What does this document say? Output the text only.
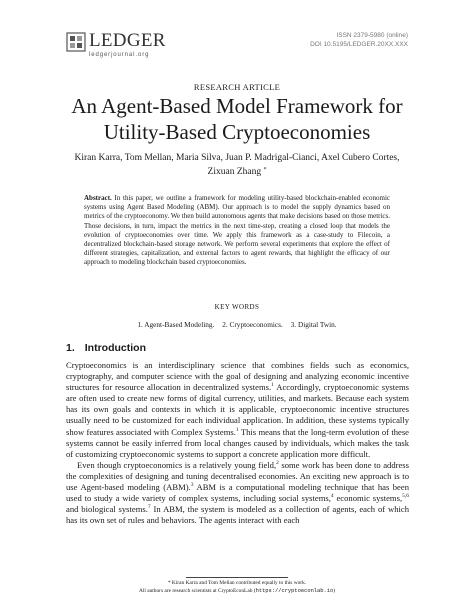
LEDGER
ledgerjournal.org
ISSN 2379-5980 (online)
DOI 10.5195/LEDGER.20XX.XXX
RESEARCH ARTICLE
An Agent-Based Model Framework for
Utility-Based Cryptoeconomies
Kiran Karra, Tom Mellan, Maria Silva, Juan P. Madrigal-Cianci, Axel Cubero Cortes,
Zixuan Zhang *
Abstract. In this paper, we outline a framework for modeling utility-based blockchain-enabled economic systems using Agent Based Modeling (ABM). Our approach is to model the supply dynamics based on metrics of the cryptoeconomy. We then build autonomous agents that make decisions based on those metrics. Those decisions, in turn, impact the metrics in the next time-step, creating a closed loop that models the evolution of cryptoeconomies over time. We apply this framework as a case-study to Filecoin, a decentralized blockchain-based storage network. We perform several experiments that explore the effect of different strategies, capitalization, and external factors to agent rewards, that highlight the efficacy of our approach to modeling blockchain based cryptoeconomies.
KEY WORDS
1. Agent-Based Modeling. 2. Cryptoeconomics. 3. Digital Twin.
1. Introduction

Cryptoeconomics is an interdisciplinary science that combines fields such as economics, cryptography, and computer science with the goal of designing and analyzing economic incentive structures for resource allocation in decentralized systems.$^1$ Accordingly, cryptoeconomic systems are often used to create new forms of digital currency, utilities, and markets. Because each system has its own goals and contexts in which it is applicable, cryptoeconomic incentive structures usually need to be customized for each individual application. In addition, these systems typically show features associated with Complex Systems.$^1$ This means that the long-term evolution of these systems cannot be easily inferred from local changes caused by individuals, which makes the task of customizing cryptoeconomic systems to support a concrete application more difficult.

Even though cryptoeconomics is a relatively young field,$^2$ some work has been done to address the complexities of designing and tuning decentralised economies. An exciting new approach is to use Agent-based modeling (ABM).$^3$ ABM is a computational modeling technique that has been used to study a wide variety of complex systems, including social systems,$^4$ economic systems,$^{5,6}$ and biological systems.$^7$ In ABM, the system is modeled as a collection of agents, each of which has its own set of rules and behaviors. The agents interact with each

* Kiran Karra and Tom Mellan contributed equally to this work.
All authors are research scientists at CryptoEconLab (https://cryptoeconlab.io)
